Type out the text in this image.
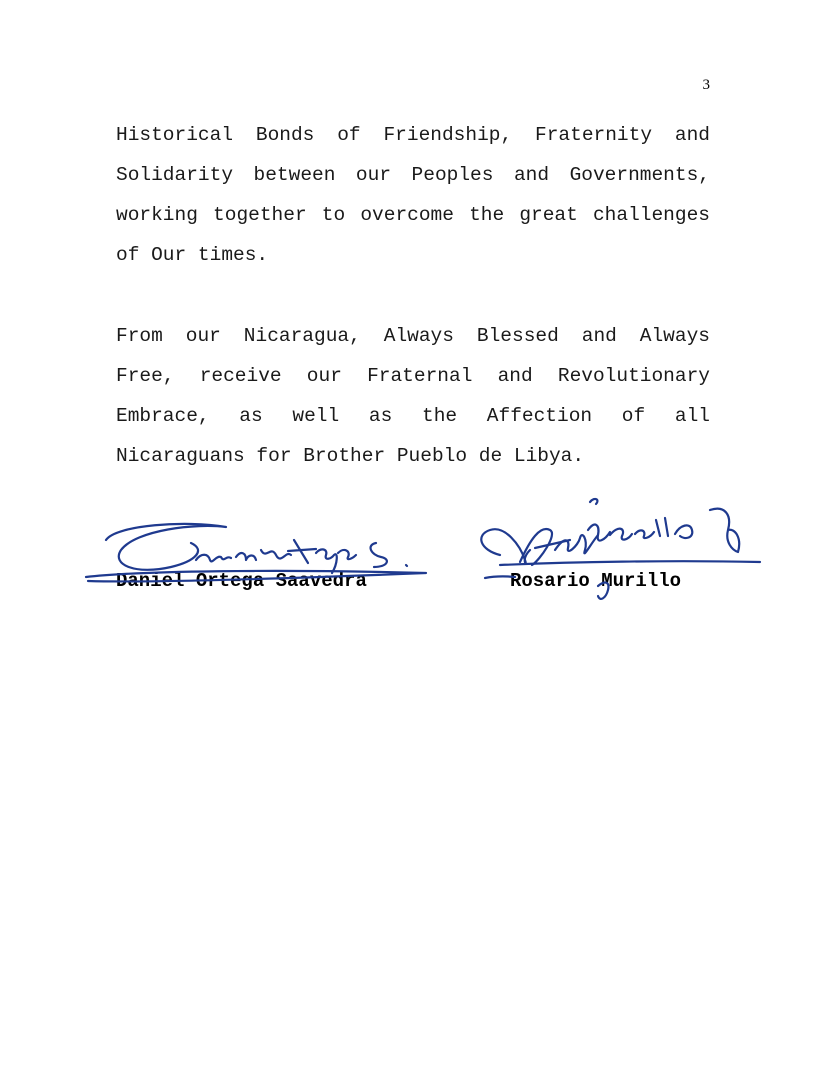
3
Historical Bonds of Friendship, Fraternity and
Solidarity between our Peoples and Governments,
working together to overcome the great challenges
of Our times.
From our Nicaragua, Always Blessed and Always
Free, receive our Fraternal and Revolutionary
Embrace, as well as the Affection of all
Nicaraguans for Brother Pueblo de Libya.
Daniel Ortega Saavedra	Rosario Murillo
